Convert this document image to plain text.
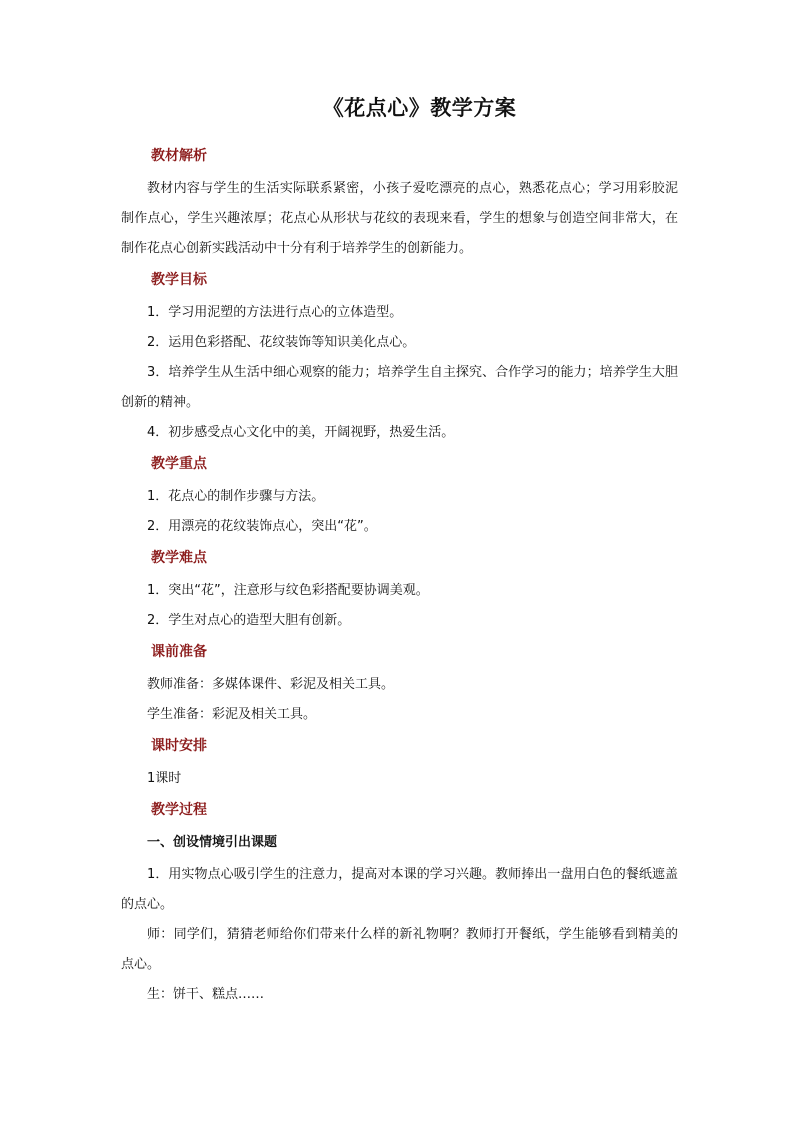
《花点心》教学方案
教材解析

教材内容与学生的生活实际联系紧密，小孩子爱吃漂亮的点心，熟悉花点心；学习用彩胶泥制作点心，学生兴趣浓厚；花点心从形状与花纹的表现来看，学生的想象与创造空间非常大，在制作花点心创新实践活动中十分有利于培养学生的创新能力。

教学目标

1．学习用泥塑的方法进行点心的立体造型。

2．运用色彩搭配、花纹装饰等知识美化点心。

3．培养学生从生活中细心观察的能力；培养学生自主探究、合作学习的能力；培养学生大胆创新的精神。

4．初步感受点心文化中的美，开阔视野，热爱生活。

教学重点

1．花点心的制作步骤与方法。

2．用漂亮的花纹装饰点心，突出“花”。

教学难点

1．突出“花”，注意形与纹色彩搭配要协调美观。

2．学生对点心的造型大胆有创新。

课前准备

教师准备：多媒体课件、彩泥及相关工具。

学生准备：彩泥及相关工具。

课时安排

1课时

教学过程
一、创设情境引出课题

1．用实物点心吸引学生的注意力，提高对本课的学习兴趣。教师捧出一盘用白色的餐纸遮盖的点心。

师：同学们，猜猜老师给你们带来什么样的新礼物啊？教师打开餐纸，学生能够看到精美的点心。

生：饼干、糕点……
